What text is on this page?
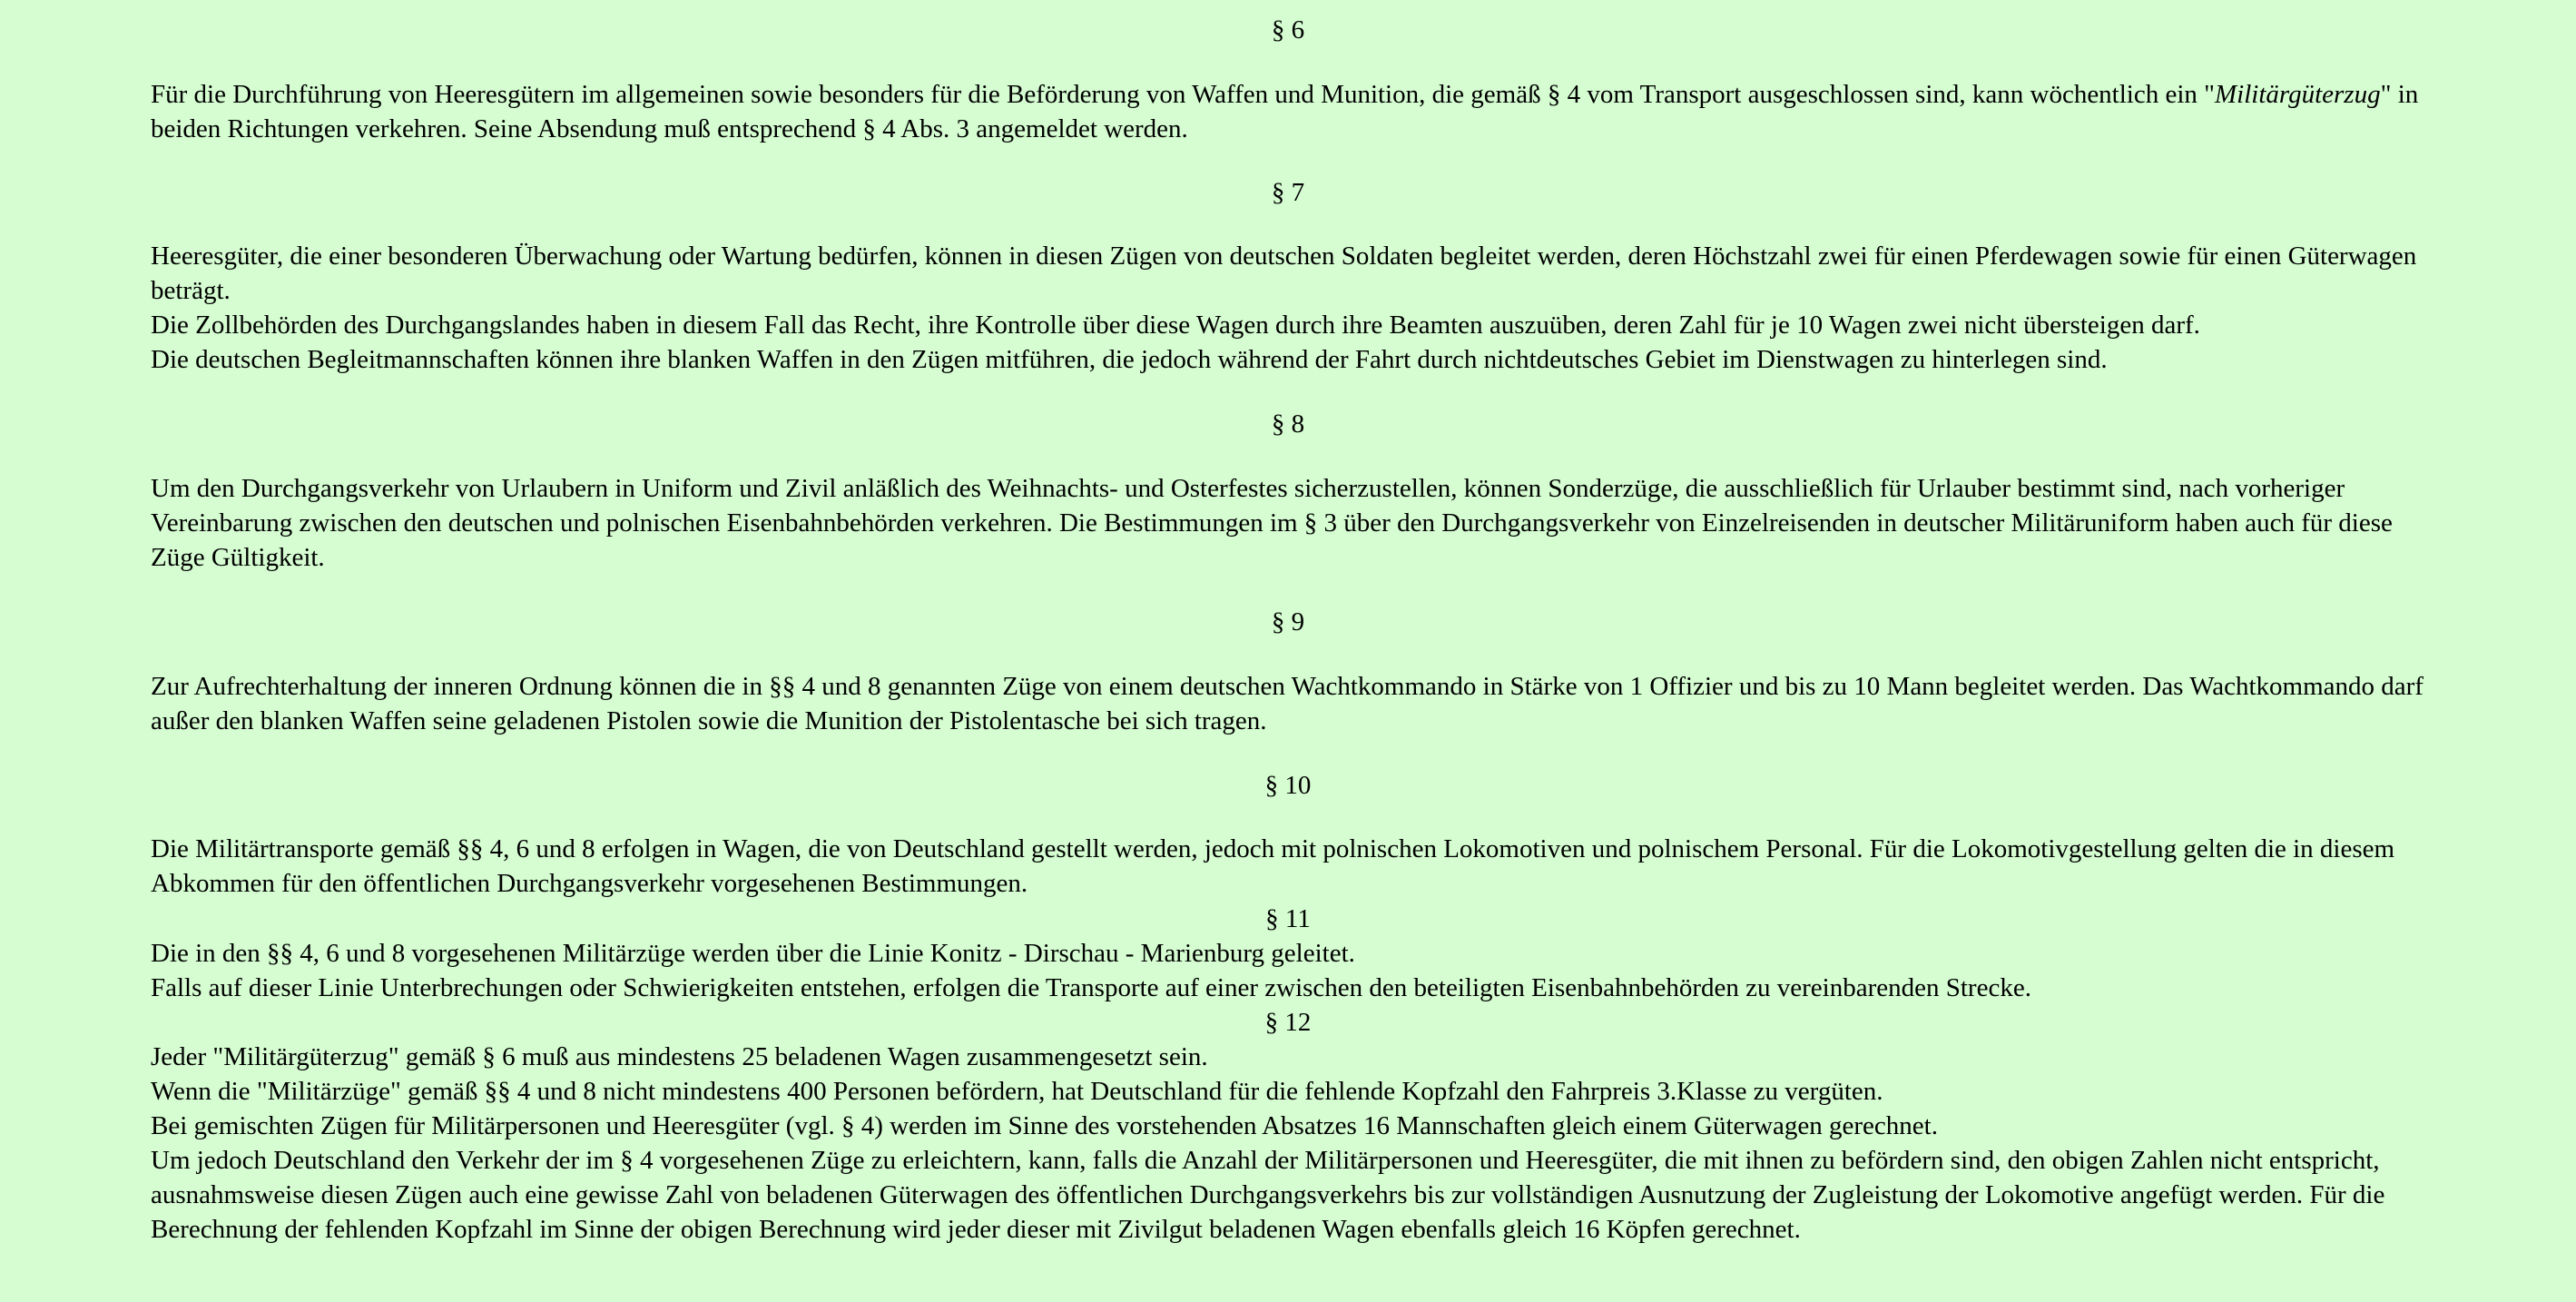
§ 6

Für die Durchführung von Heeresgütern im allgemeinen sowie besonders für die Beförderung von Waffen und Munition, die gemäß § 4 vom Transport ausgeschlossen sind, kann wöchentlich ein "Militärgüterzug" in beiden Richtungen verkehren. Seine Absendung muß entsprechend § 4 Abs. 3 angemeldet werden.

§ 7

Heeresgüter, die einer besonderen Überwachung oder Wartung bedürfen, können in diesen Zügen von deutschen Soldaten begleitet werden, deren Höchstzahl zwei für einen Pferdewagen sowie für einen Güterwagen beträgt.

Die Zollbehörden des Durchgangslandes haben in diesem Fall das Recht, ihre Kontrolle über diese Wagen durch ihre Beamten auszuüben, deren Zahl für je 10 Wagen zwei nicht übersteigen darf.

Die deutschen Begleitmannschaften können ihre blanken Waffen in den Zügen mitführen, die jedoch während der Fahrt durch nichtdeutsches Gebiet im Dienstwagen zu hinterlegen sind.

§ 8

Um den Durchgangsverkehr von Urlaubern in Uniform und Zivil anläßlich des Weihnachts- und Osterfestes sicherzustellen, können Sonderzüge, die ausschließlich für Urlauber bestimmt sind, nach vorheriger Vereinbarung zwischen den deutschen und polnischen Eisenbahnbehörden verkehren. Die Bestimmungen im § 3 über den Durchgangsverkehr von Einzelreisenden in deutscher Militäruniform haben auch für diese Züge Gültigkeit.

§ 9

Zur Aufrechterhaltung der inneren Ordnung können die in §§ 4 und 8 genannten Züge von einem deutschen Wachtkommando in Stärke von 1 Offizier und bis zu 10 Mann begleitet werden. Das Wachtkommando darf außer den blanken Waffen seine geladenen Pistolen sowie die Munition der Pistolentasche bei sich tragen.

§ 10

Die Militärtransporte gemäß §§ 4, 6 und 8 erfolgen in Wagen, die von Deutschland gestellt werden, jedoch mit polnischen Lokomotiven und polnischem Personal. Für die Lokomotivgestellung gelten die in diesem Abkommen für den öffentlichen Durchgangsverkehr vorgesehenen Bestimmungen.

§ 11

Die in den §§ 4, 6 und 8 vorgesehenen Militärzüge werden über die Linie Konitz - Dirschau - Marienburg geleitet.

Falls auf dieser Linie Unterbrechungen oder Schwierigkeiten entstehen, erfolgen die Transporte auf einer zwischen den beteiligten Eisenbahnbehörden zu vereinbarenden Strecke.

§ 12

Jeder "Militärgüterzug" gemäß § 6 muß aus mindestens 25 beladenen Wagen zusammengesetzt sein.

Wenn die "Militärzüge" gemäß §§ 4 und 8 nicht mindestens 400 Personen befördern, hat Deutschland für die fehlende Kopfzahl den Fahrpreis 3.Klasse zu vergüten.

Bei gemischten Zügen für Militärpersonen und Heeresgüter (vgl. § 4) werden im Sinne des vorstehenden Absatzes 16 Mannschaften gleich einem Güterwagen gerechnet.

Um jedoch Deutschland den Verkehr der im § 4 vorgesehenen Züge zu erleichtern, kann, falls die Anzahl der Militärpersonen und Heeresgüter, die mit ihnen zu befördern sind, den obigen Zahlen nicht entspricht, ausnahmsweise diesen Zügen auch eine gewisse Zahl von beladenen Güterwagen des öffentlichen Durchgangsverkehrs bis zur vollständigen Ausnutzung der Zugleistung der Lokomotive angefügt werden. Für die Berechnung der fehlenden Kopfzahl im Sinne der obigen Berechnung wird jeder dieser mit Zivilgut beladenen Wagen ebenfalls gleich 16 Köpfen gerechnet.
